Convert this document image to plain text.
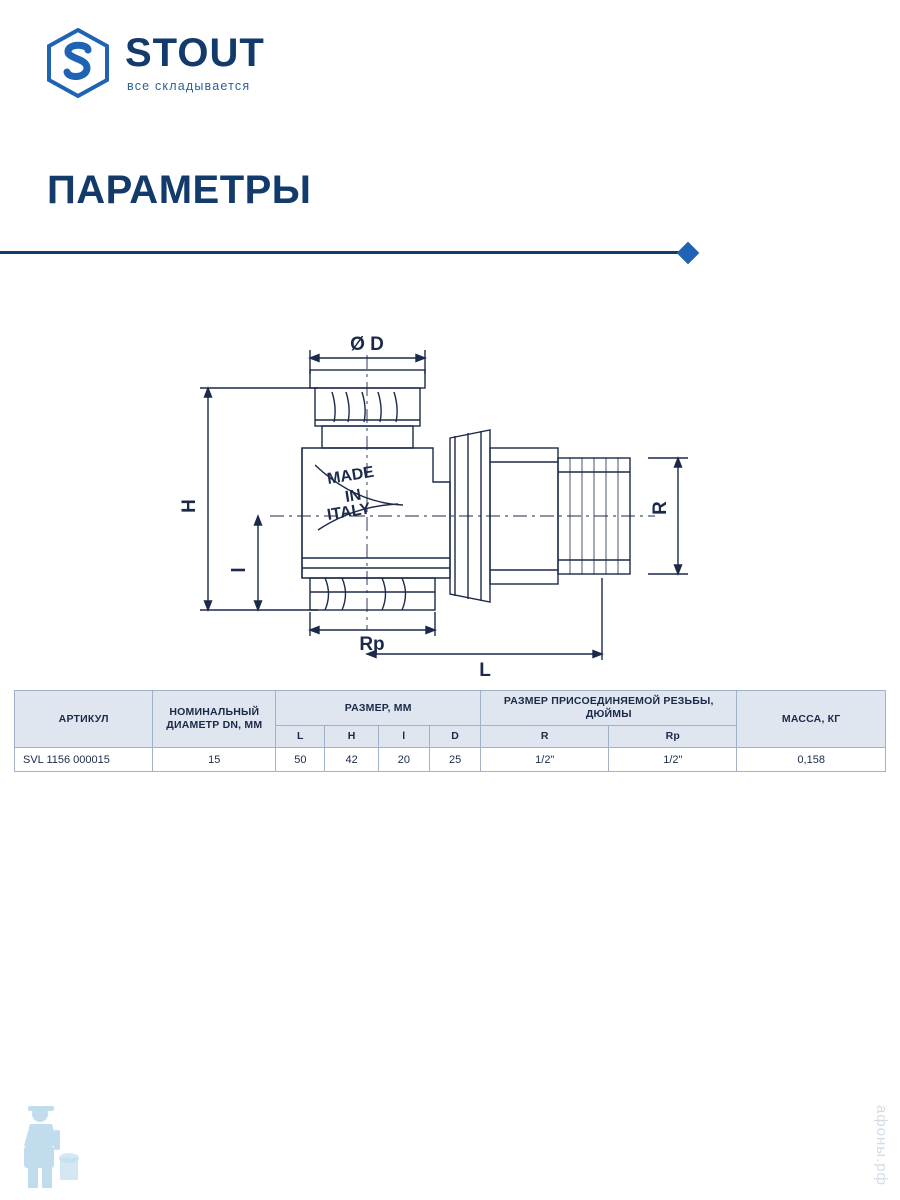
STOUT
все складывается
ПАРАМЕТРЫ
Ø D
H
l
Rp
L
R
MADE
IN
ITALY
АРТИКУЛ	НОМИНАЛЬНЫЙ ДИАМЕТР DN, ММ	РАЗМЕР, ММ				РАЗМЕР ПРИСОЕДИНЯЕМОЙ РЕЗЬБЫ, ДЮЙМЫ		МАССА, КГ
		L	H	l	D	R	Rp	
SVL 1156 000015	15	50	42	20	25	1/2"	1/2"	0,158
афоны.рф
